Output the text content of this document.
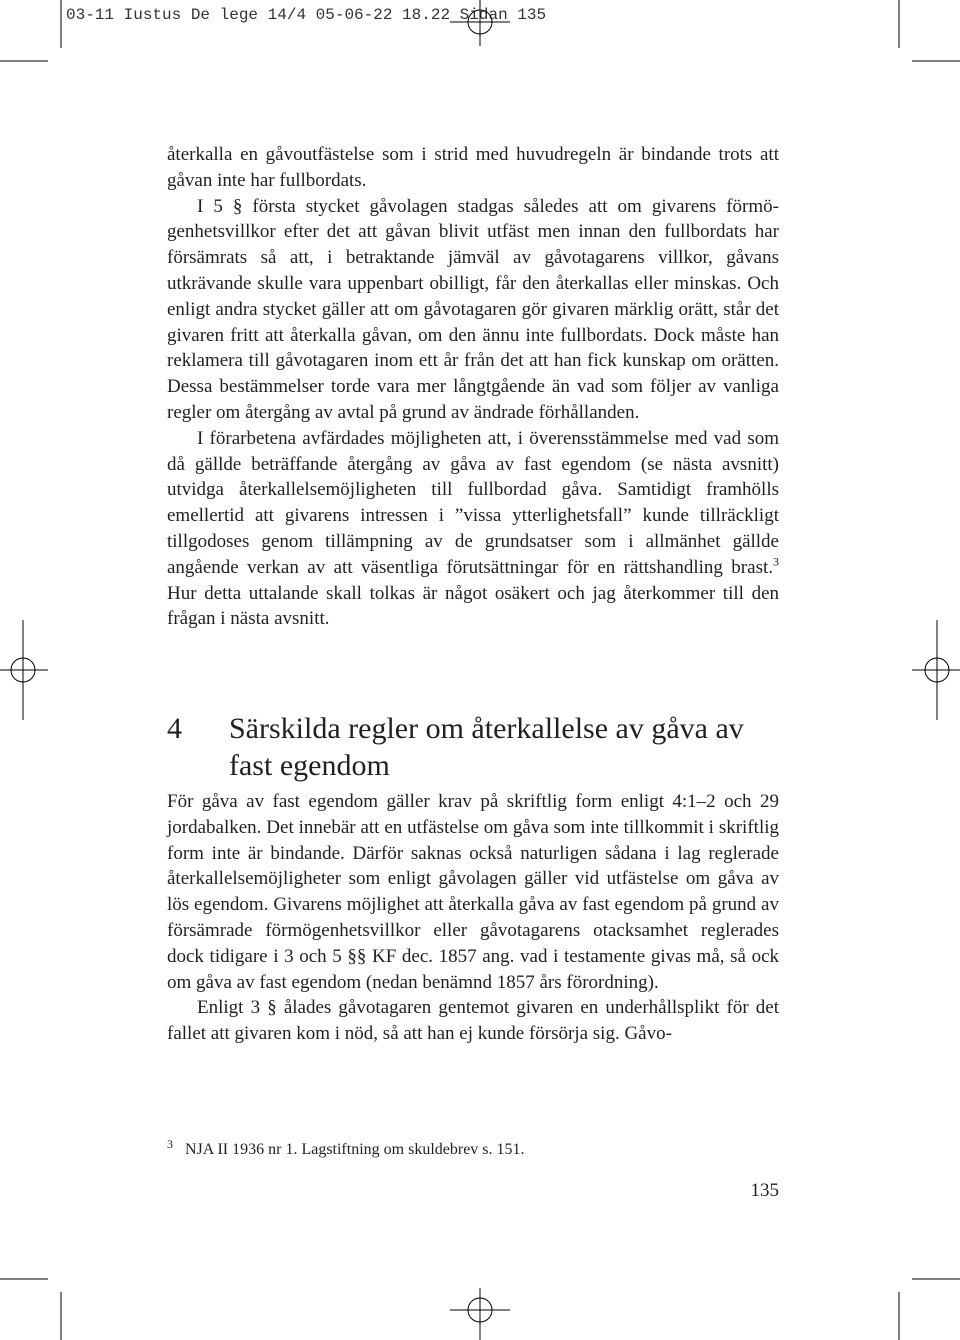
03-11 Iustus De lege 14/4 05-06-22 18.22 Sidan 135

återkalla en gåvoutfästelse som i strid med huvudregeln är bindande trots att gåvan inte har fullbordats.

I 5 § första stycket gåvolagen stadgas således att om givarens förmögenhetsvillkor efter det att gåvan blivit utfäst men innan den fullbordats har försämrats så att, i betraktande jämväl av gåvotagarens villkor, gåvans utkrävande skulle vara uppenbart obilligt, får den återkallas eller minskas. Och enligt andra stycket gäller att om gåvotagaren gör givaren märklig orätt, står det givaren fritt att återkalla gåvan, om den ännu inte fullbordats. Dock måste han reklamera till gåvotagaren inom ett år från det att han fick kunskap om orätten. Dessa bestämmelser torde vara mer långtgående än vad som följer av vanliga regler om återgång av avtal på grund av ändrade förhållanden.

I förarbetena avfärdades möjligheten att, i överensstämmelse med vad som då gällde beträffande återgång av gåva av fast egendom (se nästa avsnitt) utvidga återkallelsemöjligheten till fullbordad gåva. Samtidigt framhölls emellertid att givarens intressen i ”vissa ytterlighetsfall” kunde tillräckligt tillgodoses genom tillämpning av de grundsatser som i allmänhet gällde angående verkan av att väsentliga förutsättningar för en rättshandling brast.$^3$ Hur detta uttalande skall tolkas är något osäkert och jag återkommer till den frågan i nästa avsnitt.

4	Särskilda regler om återkallelse av gåva av fast egendom

För gåva av fast egendom gäller krav på skriftlig form enligt 4:1–2 och 29 jordabalken. Det innebär att en utfästelse om gåva som inte tillkommit i skriftlig form inte är bindande. Därför saknas också naturligen sådana i lag reglerade återkallelsemöjligheter som enligt gåvolagen gäller vid utfästelse om gåva av lös egendom. Givarens möjlighet att återkalla gåva av fast egendom på grund av försämrade förmögenhetsvillkor eller gåvotagarens otacksamhet reglerades dock tidigare i 3 och 5 §§ KF dec. 1857 ang. vad i testamente givas må, så ock om gåva av fast egendom (nedan benämnd 1857 års förordning).

Enligt 3 § ålades gåvotagaren gentemot givaren en underhållsplikt för det fallet att givaren kom i nöd, så att han ej kunde försörja sig. Gåvo-

3 NJA II 1936 nr 1. Lagstiftning om skuldebrev s. 151.
135
